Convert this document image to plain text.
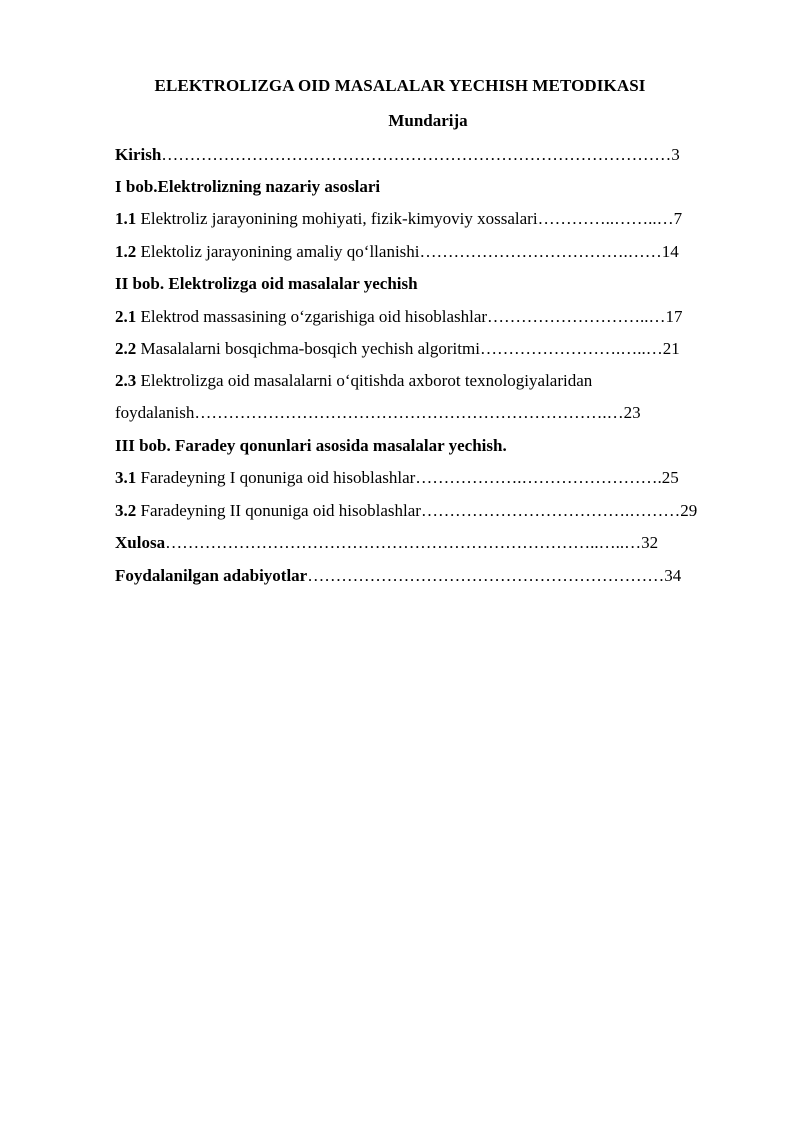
ELEKTROLIZGA OID MASALALAR YECHISH METODIKASI
Mundarija
Kirish………………………………………………………………………………3
I bob.Elektrolizning nazariy asoslari
1.1 Elektroliz jarayonining mohiyati, fizik-kimyoviy xossalari…………..……..…7
1.2 Elektoliz jarayonining amaliy qo‘llanishi……………………………….……14
II bob. Elektrolizga oid masalalar yechish
2.1 Elektrod massasining o‘zgarishiga oid hisoblashlar………………………..…17
2.2 Masalalarni bosqichma-bosqich yechish algoritmi…………………….…..…21
2.3 Elektrolizga oid masalalarni o‘qitishda axborot texnologiyalaridan
foydalanish……………………………………………………………….…23
III bob. Faradey qonunlari asosida masalalar yechish.
3.1 Faradeyning I qonuniga oid hisoblashlar……………….…………………….25
3.2 Faradeyning II qonuniga oid hisoblashlar……………………………….………29
Xulosa…………………………………………………………………..…..…32
Foydalanilgan adabiyotlar………………………………………………………34
